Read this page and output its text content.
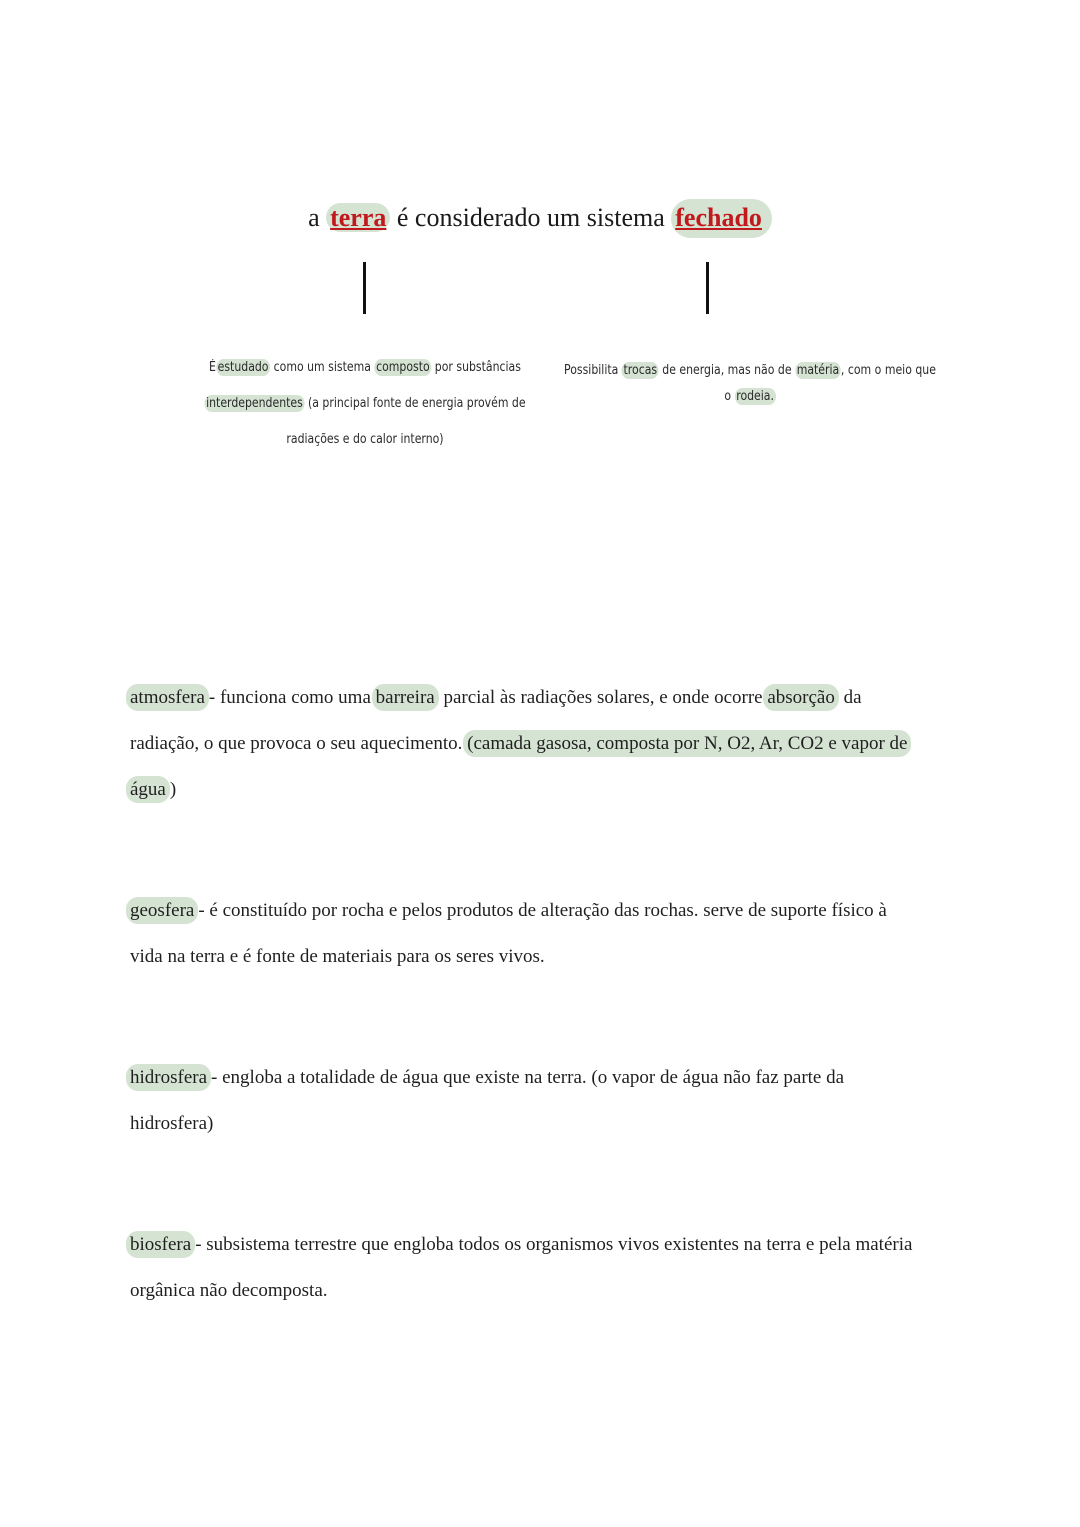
a terra é considerado um sistema fechado
É estudado como um sistema composto por substâncias
interdependentes (a principal fonte de energia provém de
radiações e do calor interno)
Possibilita trocas de energia, mas não de matéria , com o meio que
o rodeia.
atmosfera - funciona como uma barreira parcial às radiações solares, e onde ocorre absorção da
radiação, o que provoca o seu aquecimento. (camada gasosa, composta por N, O2, Ar, CO2 e vapor de
água )
geosfera - é constituído por rocha e pelos produtos de alteração das rochas. serve de suporte físico à
vida na terra e é fonte de materiais para os seres vivos.
hidrosfera - engloba a totalidade de água que existe na terra. (o vapor de água não faz parte da
hidrosfera)
biosfera - subsistema terrestre que engloba todos os organismos vivos existentes na terra e pela matéria
orgânica não decomposta.
